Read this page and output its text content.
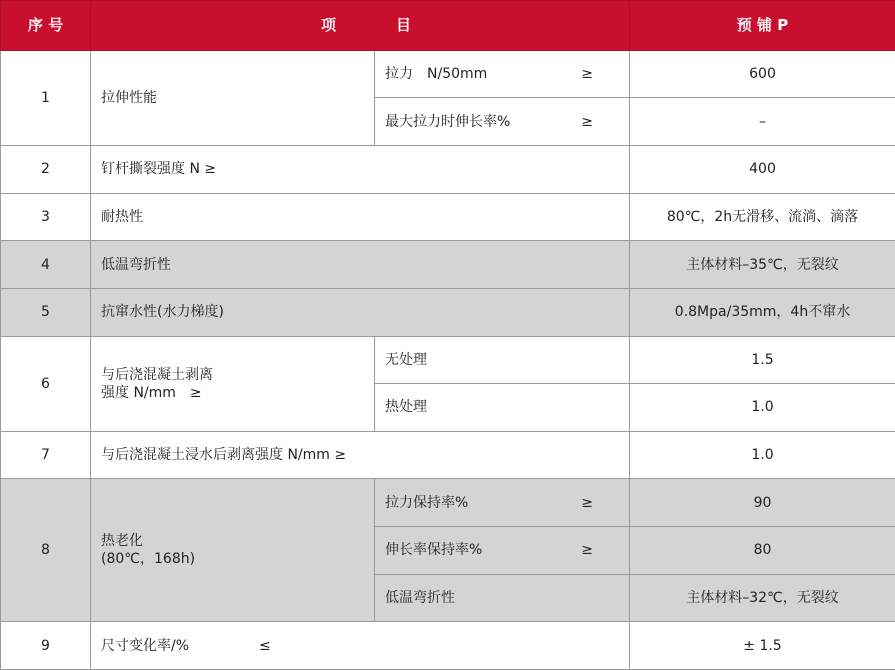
序 号	项 目		预 铺 P
1	拉伸性能	拉力　N/50mm ≥	600

		最大拉力时伸长率% ≥	–
2	钉杆撕裂强度 N ≥		400
3	耐热性		80℃，2h无滑移、流淌、滴落
4	低温弯折性		主体材料–35℃，无裂纹
5	抗窜水性(水力梯度)		0.8Mpa/35mm，4h不窜水
6	与后浇混凝土剥离
强度 N/mm　≥	无处理	1.5
		热处理	1.0
7	与后浇混凝土浸水后剥离强度 N/mm ≥		1.0
8	热老化
(80℃，168h)	拉力保持率% ≥	90

		伸长率保持率% ≥	80
		低温弯折性	主体材料–32℃，无裂纹
9	尺寸变化率/% ≤		± 1.5
